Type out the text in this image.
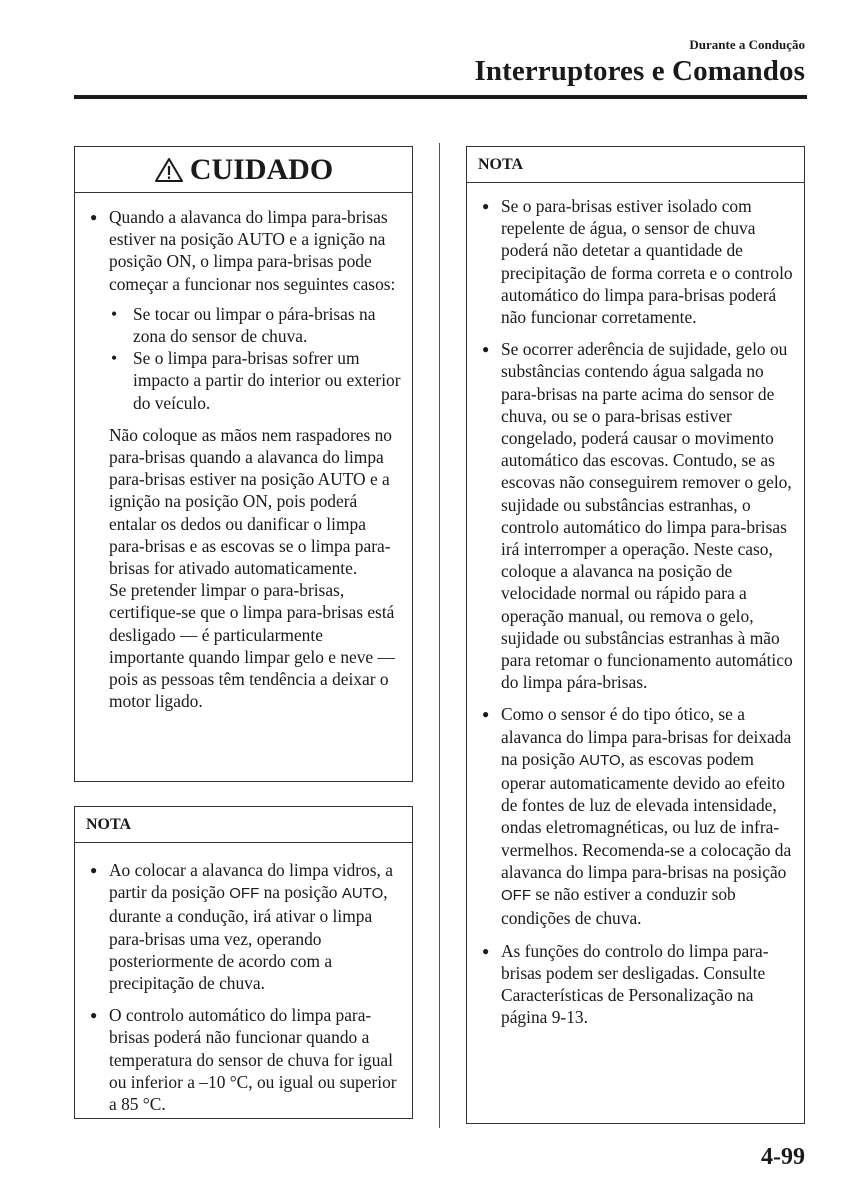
Durante a Condução
Interruptores e Comandos
CUIDADO
● Quando a alavanca do limpa para-brisas estiver na posição AUTO e a ignição na posição ON, o limpa para-brisas pode começar a funcionar nos seguintes casos:
• Se tocar ou limpar o pára-brisas na zona do sensor de chuva.
• Se o limpa para-brisas sofrer um impacto a partir do interior ou exterior do veículo.

Não coloque as mãos nem raspadores no para-brisas quando a alavanca do limpa para-brisas estiver na posição AUTO e a ignição na posição ON, pois poderá entalar os dedos ou danificar o limpa para-brisas e as escovas se o limpa para-brisas for ativado automaticamente.

Se pretender limpar o para-brisas, certifique-se que o limpa para-brisas está desligado — é particularmente importante quando limpar gelo e neve — pois as pessoas têm tendência a deixar o motor ligado.

NOTA
● Ao colocar a alavanca do limpa vidros, a partir da posição OFF na posição AUTO, durante a condução, irá ativar o limpa para-brisas uma vez, operando posteriormente de acordo com a precipitação de chuva.
● O controlo automático do limpa para-brisas poderá não funcionar quando a temperatura do sensor de chuva for igual ou inferior a –10 °C, ou igual ou superior a 85 °C.
NOTA
● Se o para-brisas estiver isolado com repelente de água, o sensor de chuva poderá não detetar a quantidade de precipitação de forma correta e o controlo automático do limpa para-brisas poderá não funcionar corretamente.
● Se ocorrer aderência de sujidade, gelo ou substâncias contendo água salgada no para-brisas na parte acima do sensor de chuva, ou se o para-brisas estiver congelado, poderá causar o movimento automático das escovas. Contudo, se as escovas não conseguirem remover o gelo, sujidade ou substâncias estranhas, o controlo automático do limpa para-brisas irá interromper a operação. Neste caso, coloque a alavanca na posição de velocidade normal ou rápido para a operação manual, ou remova o gelo, sujidade ou substâncias estranhas à mão para retomar o funcionamento automático do limpa pára-brisas.
● Como o sensor é do tipo ótico, se a alavanca do limpa para-brisas for deixada na posição AUTO, as escovas podem operar automaticamente devido ao efeito de fontes de luz de elevada intensidade, ondas eletromagnéticas, ou luz de infra-vermelhos. Recomenda-se a colocação da alavanca do limpa para-brisas na posição OFF se não estiver a conduzir sob condições de chuva.
● As funções do controlo do limpa para-brisas podem ser desligadas. Consulte Características de Personalização na página 9-13.
4-99
